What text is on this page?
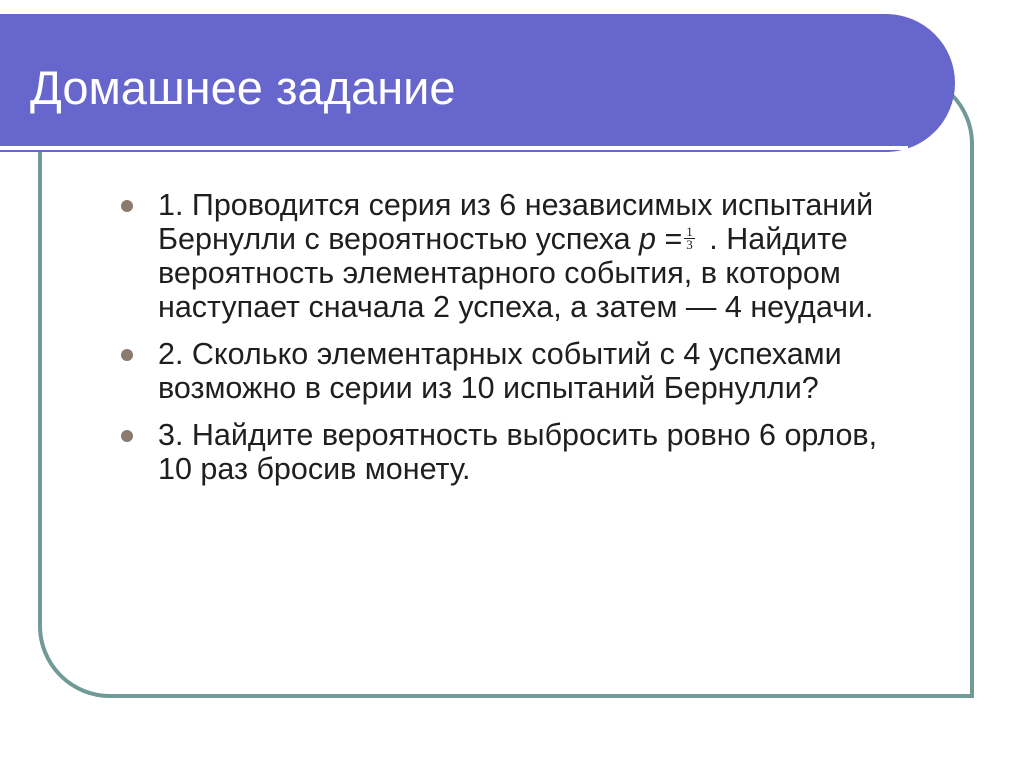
Домашнее задание
1. Проводится серия из 6 независимых испытаний Бернулли с вероятностью успеха $p = \frac{1}{3}$ . Найдите вероятность элементарного события, в котором наступает сначала 2 успеха, а затем — 4 неудачи.
2. Сколько элементарных событий с 4 успехами возможно в серии из 10 испытаний Бернулли?
3. Найдите вероятность выбросить ровно 6 орлов, 10 раз бросив монету.
